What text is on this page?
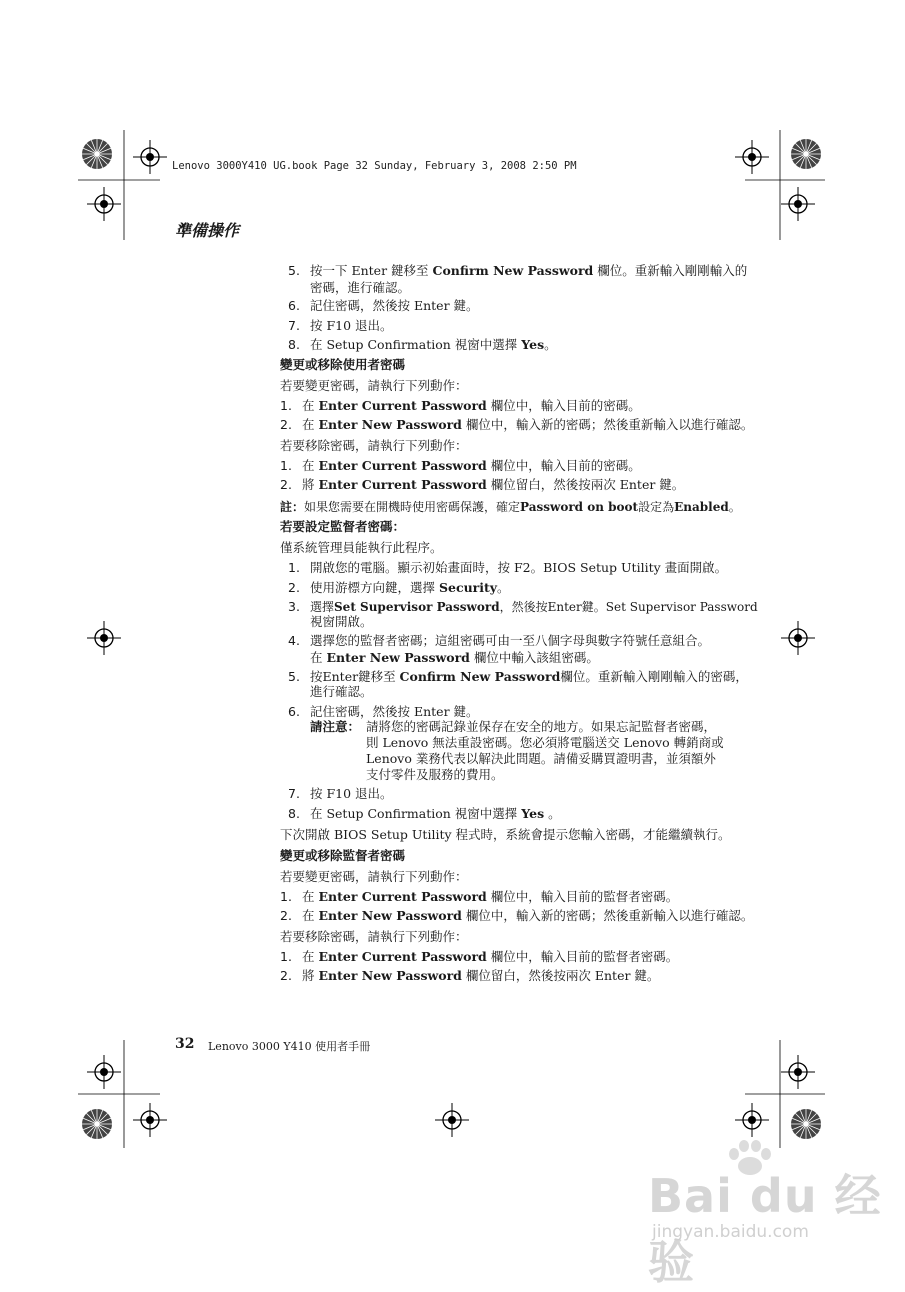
Lenovo 3000Y410 UG.book Page 32 Sunday, February 3, 2008 2:50 PM
準備操作
5. 按一下 Enter 鍵移至 Confirm New Password 欄位。重新輸入剛剛輸入的
密碼，進行確認。
6. 記住密碼，然後按 Enter 鍵。
7. 按 F10 退出。
8. 在 Setup Confirmation 視窗中選擇 Yes。
變更或移除使用者密碼
若要變更密碼，請執行下列動作：
1. 在 Enter Current Password 欄位中，輸入目前的密碼。
2. 在 Enter New Password 欄位中，輸入新的密碼；然後重新輸入以進行確認。
若要移除密碼，請執行下列動作：
1. 在 Enter Current Password 欄位中，輸入目前的密碼。
2. 將 Enter Current Password 欄位留白，然後按兩次 Enter 鍵。
註：如果您需要在開機時使用密碼保護，確定Password on boot設定為Enabled。
若要設定監督者密碼：
僅系統管理員能執行此程序。
1. 開啟您的電腦。顯示初始畫面時，按 F2。BIOS Setup Utility 畫面開啟。
2. 使用游標方向鍵，選擇 Security。
3. 選擇Set Supervisor Password，然後按Enter鍵。Set Supervisor Password
視窗開啟。
4. 選擇您的監督者密碼；這組密碼可由一至八個字母與數字符號任意組合。
在 Enter New Password 欄位中輸入該組密碼。
5. 按Enter鍵移至 Confirm New Password欄位。重新輸入剛剛輸入的密碼，
進行確認。
6. 記住密碼，然後按 Enter 鍵。
請注意： 請將您的密碼記錄並保存在安全的地方。如果忘記監督者密碼，
則 Lenovo 無法重設密碼。您必須將電腦送交 Lenovo 轉銷商或
Lenovo 業務代表以解決此問題。請備妥購買證明書，並須額外
支付零件及服務的費用。
7. 按 F10 退出。
8. 在 Setup Confirmation 視窗中選擇 Yes 。
下次開啟 BIOS Setup Utility 程式時，系統會提示您輸入密碼，才能繼續執行。
變更或移除監督者密碼
若要變更密碼，請執行下列動作：
1. 在 Enter Current Password 欄位中，輸入目前的監督者密碼。
2. 在 Enter New Password 欄位中，輸入新的密碼；然後重新輸入以進行確認。
若要移除密碼，請執行下列動作：
1. 在 Enter Current Password 欄位中，輸入目前的監督者密碼。
2. 將 Enter New Password 欄位留白，然後按兩次 Enter 鍵。
32 Lenovo 3000 Y410 使用者手冊
Bai du 经验
jingyan.baidu.com
